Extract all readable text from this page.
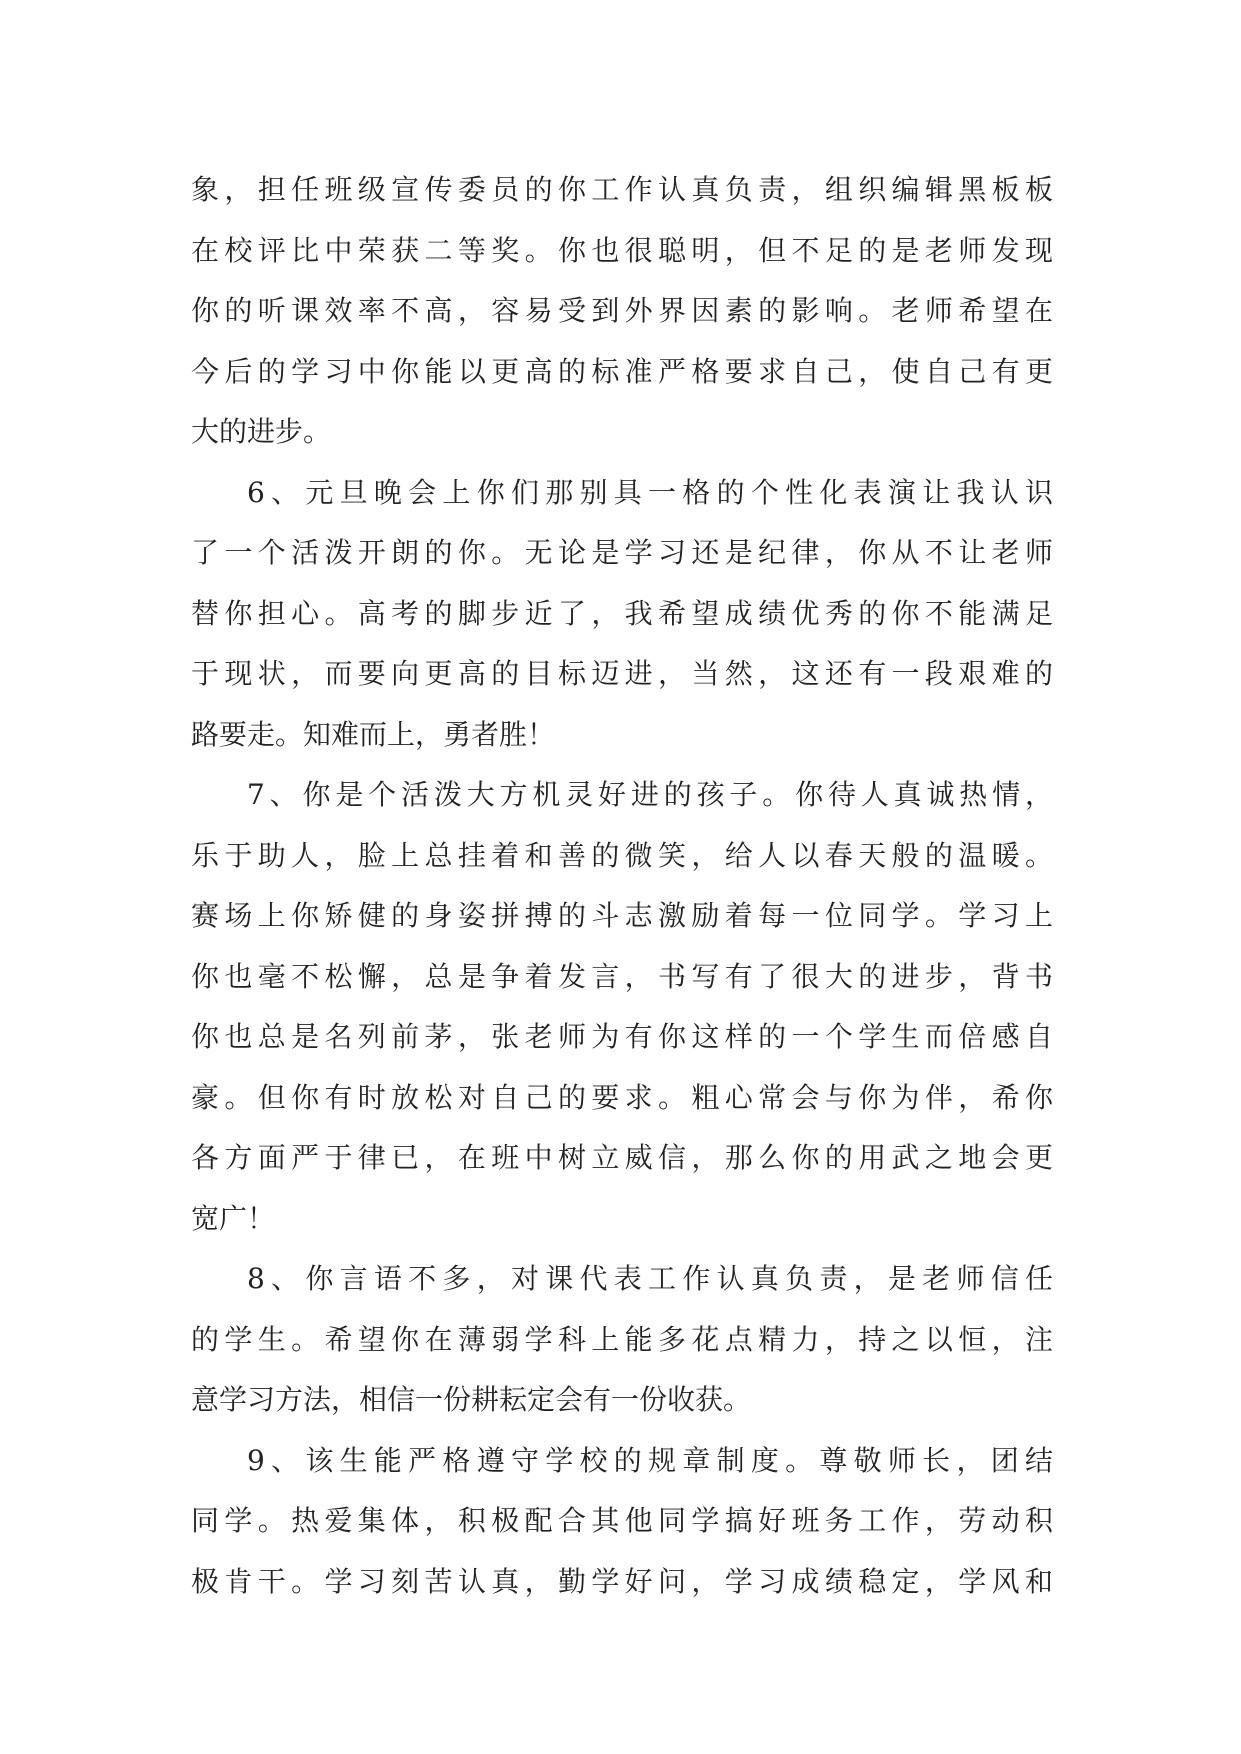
象，担任班级宣传委员的你工作认真负责，组织编辑黑板板
在校评比中荣获二等奖。你也很聪明，但不足的是老师发现
你的听课效率不高，容易受到外界因素的影响。老师希望在
今后的学习中你能以更高的标准严格要求自己，使自己有更
大的进步。
6、元旦晚会上你们那别具一格的个性化表演让我认识
了一个活泼开朗的你。无论是学习还是纪律，你从不让老师
替你担心。高考的脚步近了，我希望成绩优秀的你不能满足
于现状，而要向更高的目标迈进，当然，这还有一段艰难的
路要走。知难而上，勇者胜！
7、你是个活泼大方机灵好进的孩子。你待人真诚热情，
乐于助人，脸上总挂着和善的微笑，给人以春天般的温暖。
赛场上你矫健的身姿拼搏的斗志激励着每一位同学。学习上
你也毫不松懈，总是争着发言，书写有了很大的进步，背书
你也总是名列前茅，张老师为有你这样的一个学生而倍感自
豪。但你有时放松对自己的要求。粗心常会与你为伴，希你
各方面严于律已，在班中树立威信，那么你的用武之地会更
宽广！
8、你言语不多，对课代表工作认真负责，是老师信任
的学生。希望你在薄弱学科上能多花点精力，持之以恒，注
意学习方法，相信一份耕耘定会有一份收获。
9、该生能严格遵守学校的规章制度。尊敬师长，团结
同学。热爱集体，积极配合其他同学搞好班务工作，劳动积
极肯干。学习刻苦认真，勤学好问，学习成绩稳定，学风和
